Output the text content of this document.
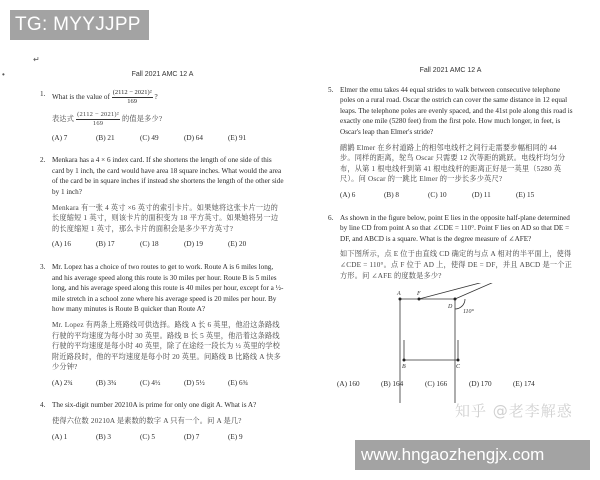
TG: MYYJJPP
↵
•	Fall 2021 AMC 12 A
1. What is the value of $\frac{\text{(2112 − 2021)²}}{169}$ ?
表达式 $\frac{\text{(2112 − 2021)²}}{169}$ 的值是多少?
(A) 7	(B) 21	(C) 49	(D) 64	(E) 91
2. Menkara has a 4 × 6 index card. If she shortens the length of one side of this card by 1 inch, the card would have area 18 square inches. What would the area of the card be in square inches if instead she shortens the length of the other side by 1 inch?
Menkara 有一张 4 英寸 ×6 英寸的索引卡片。如果她将这张卡片一边的长度缩短 1 英寸，则该卡片的面积变为 18 平方英寸。如果她将另一边的长度缩短 1 英寸，那么卡片的面积会是多少平方英寸?
(A) 16	(B) 17	(C) 18	(D) 19	(E) 20
3. Mr. Lopez has a choice of two routes to get to work. Route A is 6 miles long, and his average speed along this route is 30 miles per hour. Route B is 5 miles long, and his average speed along this route is 40 miles per hour, except for a ½-mile stretch in a school zone where his average speed is 20 miles per hour. By how many minutes is Route B quicker than Route A?
Mr. Lopez 有两条上班路线可供选择。路线 A 长 6 英里，他沿这条路线行驶的平均速度为每小时 30 英里。路线 B 长 5 英里，他沿着这条路线行驶的平均速度是每小时 40 英里，除了在途经一段长为 ½ 英里的学校附近路段时，他的平均速度是每小时 20 英里。问路线 B 比路线 A 快多少分钟?
(A) 2¾	(B) 3¾	(C) 4½	(D) 5½	(E) 6¾
4. The six-digit number 20210A is prime for only one digit A. What is A?
使得六位数 20210A 是素数的数字 A 只有一个。问 A 是几?
(A) 1	(B) 3	(C) 5	(D) 7	(E) 9
Fall 2021 AMC 12 A
5. Elmer the emu takes 44 equal strides to walk between consecutive telephone poles on a rural road. Oscar the ostrich can cover the same distance in 12 equal leaps. The telephone poles are evenly spaced, and the 41st pole along this road is exactly one mile (5280 feet) from the first pole. How much longer, in feet, is Oscar's leap than Elmer's stride?
鸸鹋 Elmer 在乡村道路上的相邻电线杆之间行走需要步幅相同的 44 步。同样的距离，鸵鸟 Oscar 只需要 12 次等距的跳跃。电线杆均匀分布，从第 1 根电线杆到第 41 根电线杆的距离正好是一英里（5280 英尺）。问 Oscar 的一跳比 Elmer 的一步长多少英尺?
(A) 6	(B) 8	(C) 10	(D) 11	(E) 15
6. As shown in the figure below, point E lies in the opposite half-plane determined by line CD from point A so that ∠CDE = 110°. Point F lies on AD so that DE = DF, and ABCD is a square. What is the degree measure of ∠AFE?
如下图所示，点 E 位于由直线 CD 确定的与点 A 相对的半平面上，使得 ∠CDE = 110°。点 F 位于 AD 上，使得 DE = DF，并且 ABCD 是一个正方形。问 ∠AFE 的度数是多少?
A	F
D
110°
B	C
(A) 160	(B) 164	(C) 166	(D) 170	(E) 174
知乎 @老李解惑
www.hngaozhengjx.com
